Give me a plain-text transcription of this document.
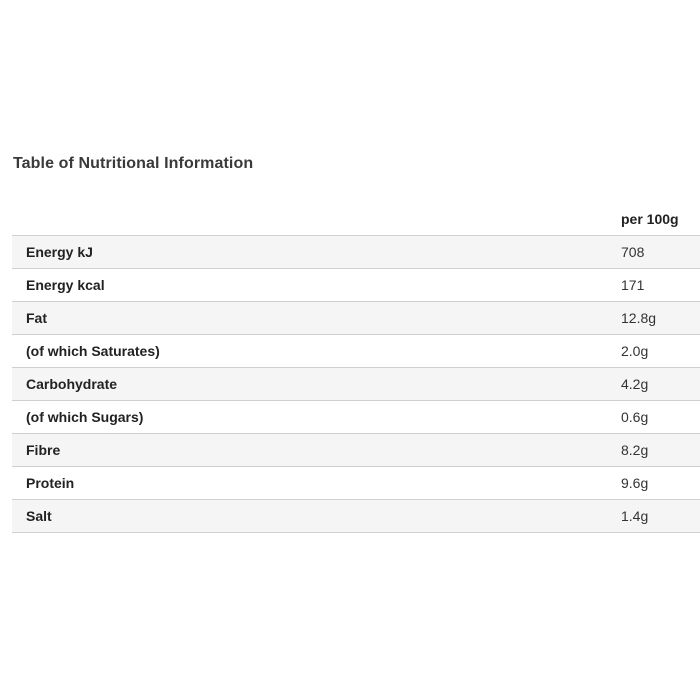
Table of Nutritional Information
	per 100g
Energy kJ	708
Energy kcal	171
Fat	12.8g
(of which Saturates)	2.0g
Carbohydrate	4.2g
(of which Sugars)	0.6g
Fibre	8.2g
Protein	9.6g
Salt	1.4g
